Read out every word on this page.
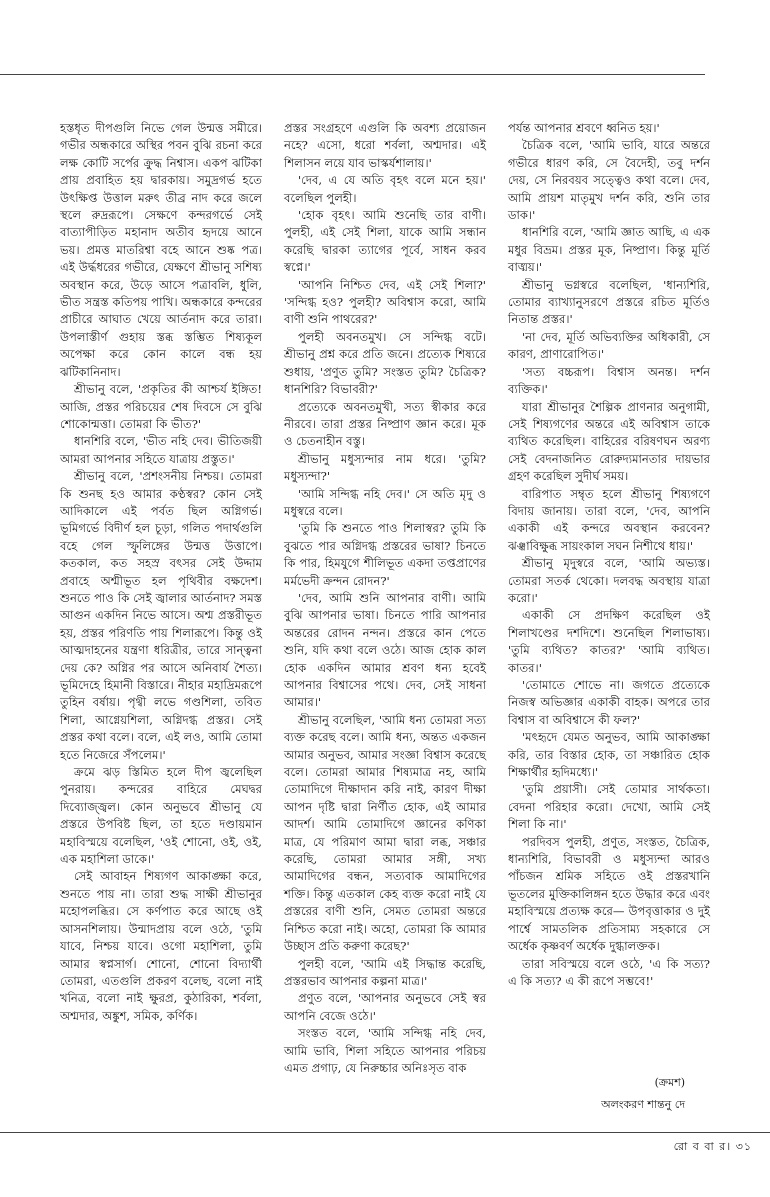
হস্তধৃত দীপগুলি নিভে গেল উন্মত্ত সমীরে। গভীর অন্ধকারে অস্থির পবন বুঝি রচনা করে লক্ষ কোটি সর্পের ক্রুদ্ধ নিশ্বাস। একপ ঝটিকা প্রায় প্রবাহিত হয় দ্বারকায়। সমুদ্রগর্ভ হতে উৎক্ষিপ্ত উত্তাল মরুৎ তীব্র নাদ করে জলে স্থলে রুদ্ররূপে। সেক্ষণে কন্দরগর্ভে সেই বাত্যাপীড়িত মহানাদ অতীব হৃদয়ে আনে ভয়। প্রমত্ত মাতরিশ্বা বহে আনে শুষ্ক পত্র। এই উর্দ্ধধরের গভীরে, যেক্ষণে শ্রীভানু সশিষ্য অবস্থান করে, উড়ে আসে পত্রাবলি, ধুলি, ভীত সন্ত্রস্ত কতিপয় পাখি। অন্ধকারে কন্দরের প্রাচীরে আঘাত খেয়ে আর্তনাদ করে তারা। উপলাস্তীর্ণ গুহায় স্তব্ধ স্তম্ভিত শিষ্যকূল অপেক্ষা করে কোন কালে বন্ধ হয় ঝটিকানিনাদ।

শ্রীভানু বলে, 'প্রকৃতির কী আশ্চর্য ইঙ্গিত! আজি, প্রস্তর পরিচয়ের শেষ দিবসে সে বুঝি শোকোন্মত্তা। তোমরা কি ভীত?'

ধানশিরি বলে, 'ভীত নহি দেব। ভীতিজয়ী আমরা আপনার সহিতে যাত্রায় প্রস্তুত।'

শ্রীভানু বলে, 'প্রশংসনীয় নিশ্চয়। তোমরা কি শুনছ হও আমার কণ্ঠস্বর? কোন সেই আদিকালে এই পর্বত ছিল অগ্নিগর্ভ। ভূমিগর্ভে বিদীর্ণ হল চূড়া, গলিত পদার্থগুলি বহে গেল স্ফুলিঙ্গের উন্মত্ত উত্তাপে। কতকাল, কত সহস্র বৎসর সেই উদ্দাম প্রবাহে অশ্মীভূত হল পৃথিবীর বক্ষদেশ। শুনতে পাও কি সেই জ্বালার আর্তনাদ? সমস্ত আগুন একদিন নিভে আসে। অশ্ম প্রস্তরীভূত হয়, প্রস্তর পরিণতি পায় শিলারূপে। কিন্তু ওই আত্মদাহনের যন্ত্রণা ধরিত্রীর, তারে সান্ত্বনা দেয় কে? অগ্নির পর আসে অনিবার্য শৈত্য। ভূমিদেহে হিমানী বিস্তারে। নীহার মহাদ্রিমরূপে তুহিন বর্ষায়। পৃথ্বী লভে গণ্ডশিলা, তবিত শিলা, আগ্নেয়শিলা, অগ্নিদগ্ধ প্রস্তর। সেই প্রস্তর কথা বলে। বলে, এই লও, আমি তোমা হতে নিজেরে সঁপলেম।'

ক্রমে ঝড় স্তিমিত হলে দীপ জ্বলেছিল পুনরায়। কন্দরের বাহিরে মেঘদ্বর দিব্যোজ্জ্বল। কোন অনুভবে শ্রীভানু যে প্রস্তরে উপবিষ্ট ছিল, তা হতে দণ্ডায়মান মহাবিস্ময়ে বলেছিল, 'ওই শোনো, ওই, ওই, এক মহাশিলা ডাকে।'

সেই আবাহন শিষ্যগণ আকাঙ্ক্ষা করে, শুনতে পায় না। তারা শুদ্ধ সাক্ষী শ্রীভানুর মহোপলব্ধির। সে কর্ণপাত করে আছে ওই আসনশিলায়। উন্মাদপ্রায় বলে ওঠে, 'তুমি যাবে, নিশ্চয় যাবে। ওগো মহাশিলা, তুমি আমার স্বপ্নসার্গ। শোনো, শোনো বিদ্যার্থী তোমরা, এতগুলি প্রকরণ বলেছ, বলো নাই খনিত্র, বলো নাই ক্ষুরপ্র, কুঠারিকা, শর্বলা, অশ্মদার, অঙ্কুশ, সমিক, কর্ণিক।

প্রস্তর সংগ্রহণে এগুলি কি অবশ্য প্রয়োজন নহে? এসো, ধরো শর্বলা, অশ্মদার। এই শিলাসন লয়ে যাব ভাস্কর্যশালায়।'

'দেব, এ যে অতি বৃহৎ বলে মনে হয়।' বলেছিল পুলহী।

'হোক বৃহৎ। আমি শুনেছি তার বাণী। পুলহী, এই সেই শিলা, যাকে আমি সন্ধান করেছি দ্বারকা ত্যাগের পূর্বে, সাধন করব স্বপ্নে।'

'আপনি নিশ্চিত দেব, এই সেই শিলা?' 'সন্দিগ্ধ হও? পুলহী? অবিশ্বাস করো, আমি বাণী শুনি পাথরের?'

পুলহী অবনতমুখ। সে সন্দিগ্ধ বটে। শ্রীভানু প্রশ্ন করে প্রতি জনে। প্রত্যেক শিষ্যরে শুধায়, 'প্রণুত তুমি? সংস্তত তুমি? চৈত্রিক? ধানশিরি? বিভাবরী?'

প্রত্যেকে অবনতমুখী, সত্য স্বীকার করে নীরবে। তারা প্রস্তর নিষ্প্রাণ জ্ঞান করে। মূক ও চেতনাহীন বস্তু।

শ্রীভানু মধুস্যন্দার নাম ধরে। 'তুমি? মধুস্যন্দা?'

'আমি সন্দিগ্ধ নহি দেব।' সে অতি মৃদু ও মধুস্বরে বলে।

'তুমি কি শুনতে পাও শিলাস্বর? তুমি কি বুঝতে পার অগ্নিদগ্ধ প্রস্তরের ভাষা? চিনতে কি পার, হিমযুগে শীলিভূত একদা তপ্তপ্রাণের মর্মভেদী ক্রন্দন রোদন?'

'দেব, আমি শুনি আপনার বাণী। আমি বুঝি আপনার ভাষা। চিনতে পারি আপনার অন্তরের রোদন নন্দন। প্রস্তরে কান পেতে শুনি, যদি কথা বলে ওঠে। আজ হোক কাল হোক একদিন আমার শ্রবণ ধন্য হবেই আপনার বিশ্বাসের পথে। দেব, সেই সাধনা আমার।'

শ্রীভানু বলেছিল, 'আমি ধন্য তোমরা সত্য ব্যক্ত করেছ বলে। আমি ধন্য, অন্তত একজন আমার অনুভব, আমার সংজ্ঞা বিশ্বাস করেছে বলে। তোমরা আমার শিষ্যমাত্র নহ, আমি তোমাদিগে দীক্ষাদান করি নাই, কারণ দীক্ষা আপন দৃষ্টি দ্বারা নির্ণীত হোক, এই আমার আদর্শ। আমি তোমাদিগে জ্ঞানের কণিকা মাত্র, যে পরিমাণ আমা দ্বারা লব্ধ, সঞ্চার করেছি, তোমরা আমার সঙ্গী, সখ্য আমাদিগের বন্ধন, সত্যবাক আমাদিগের শক্তি। কিন্তু এতকাল কেহ ব্যক্ত করো নাই যে প্রস্তরের বাণী শুনি, সেমত তোমরা অন্তরে নিশ্চিত করো নাই। অহো, তোমরা কি আমার উচ্ছাস প্রতি করুণা করেছ?'

পুলহী বলে, 'আমি এই সিদ্ধান্ত করেছি, প্রস্তরভাব আপনার কল্পনা মাত্র।'

প্রণুত বলে, 'আপনার অনুভবে সেই স্বর আপনি বেজে ওঠে।'

সংস্তত বলে, 'আমি সন্দিগ্ধ নহি দেব, আমি ভাবি, শিলা সহিতে আপনার পরিচয় এমত প্রগাঢ়, যে নিরুচ্চার অনিঃসৃত বাক

পর্যন্ত আপনার শ্রবণে ধ্বনিত হয়।'

চৈত্রিক বলে, 'আমি ভাবি, যারে অন্তরে গভীরে ধারণ করি, সে বৈদেহী, তবু দর্শন দেয়, সে নিরবয়ব সত্ত্বেও কথা বলে। দেব, আমি প্রায়শ মাতৃমুখ দর্শন করি, শুনি তার ডাক।'

ধানশিরি বলে, 'আমি জ্ঞাত আছি, এ এক মধুর বিভ্রম। প্রস্তর মূক, নিষ্প্রাণ। কিন্তু মূর্তি বাঙ্ময়।'

শ্রীভানু ভগ্নস্বরে বলেছিল, 'ধান্যশিরি, তোমার ব্যাখ্যানুসরণে প্রস্তরে রচিত মূর্তিও নিতান্ত প্রস্তর।'

'না দেব, মূর্তি অভিব্যক্তির অধিকারী, সে কারণ, প্রাণারোপিত।'

'সত্য বচ্চরূপ। বিশ্বাস অনন্ত। দর্শন ব্যক্তিক।'

যারা শ্রীভানুর শৈল্পিক প্রাণনার অনুগামী, সেই শিষ্যগণের অন্তরে এই অবিশ্বাস তাকে ব্যথিত করেছিল। বাহিরের বরিষণঘন অরণ্য সেই বেদনাজনিত রোরুদ্যমানতার দায়ভার গ্রহণ করেছিল সুদীর্ঘ সময়।

বারিপাত সম্বৃত হলে শ্রীভানু শিষ্যগণে বিদায় জানায়। তারা বলে, 'দেব, আপনি একাকী এই কন্দরে অবস্থান করবেন? ঝঞ্ঝাবিক্ষুব্ধ সায়ংকাল সঘন নিশীথে ধায়।'

শ্রীভানু মৃদুস্বরে বলে, 'আমি অভ্যস্ত। তোমরা সতর্ক থেকো। দলবদ্ধ অবস্থায় যাত্রা করো।'

একাকী সে প্রদক্ষিণ করেছিল ওই শিলাখণ্ডের দশদিশে। শুনেছিল শিলাভাষ্য। 'তুমি ব্যথিত? কাতর?' 'আমি ব্যথিত। কাতর।'

'তোমাতে শোভে না। জগতে প্রত্যেকে নিজস্ব অভিজ্ঞার একাকী বাহক। অপরে তার বিশ্বাস বা অবিশ্বাসে কী ফল?'

'মৎহৃদে যেমত অনুভব, আমি আকাঙ্ক্ষা করি, তার বিস্তার হোক, তা সঞ্চারিত হোক শিক্ষার্থীর হৃদিমধ্যে।'

'তুমি প্রয়াসী। সেই তোমার সার্থকতা। বেদনা পরিহার করো। দেখো, আমি সেই শিলা কি না।'

পরদিবস পুলহী, প্রণুত, সংস্তত, চৈত্রিক, ধান্যশিরি, বিভাবরী ও মধুস্যন্দা আরও পাঁচজন শ্রমিক সহিতে ওই প্রস্তরখানি ভূতলের মুক্তিকালিঙ্গন হতে উদ্ধার করে এবং মহাবিস্ময়ে প্রত্যক্ষ করে— উপবৃত্তাকার ও দুই পার্শ্বে সামতলিক প্রতিসাম্য সহকারে সে অর্ধেক কৃষ্ণবর্ণ অর্ধেক দুগ্ধালক্তক।

তারা সবিস্ময়ে বলে ওঠে, 'এ কি সত্য? এ কি সত্য? এ কী রূপে সম্ভবে!'

(ক্রমশ)
অলংকরণ শান্তনু দে
রো ব বা র। ৩১
